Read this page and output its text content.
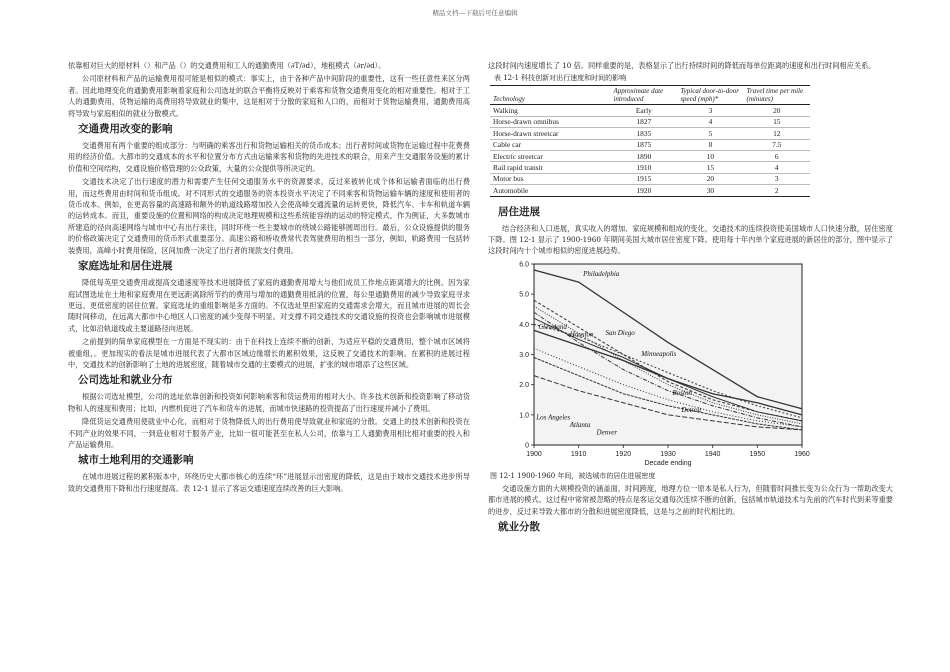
精品文档---下载后可任意编辑

依靠相对巨大的原材料（）和产品（）的交通费用和工人的通勤费用（∂T/∂d），地租模式（∂r/∂d）。

公司原材料和产品的运输费用很可能是相似的模式：事实上，由于各种产品中间阶段的重要性，这有一些任意性来区分两者。因此地理变化的通勤费用影响着家庭和公司选址的联合平衡将反映对于乘客和货物交通费用变化的相对重要性。相对于工人的通勤费用，货物运输的高费用将导致就业的集中，这是相对于分散的家庭和人口的，而相对于货物运输费用，通勤费用高将导致与家庭相似的就业分散模式。

交通费用改变的影响

交通费用有两个重要的组成部分：与明确的乘客出行和货物运输相关的货币成本；出行者时间或货物在运输过程中花费费用的经济价值。大都市的交通成本的水平和位置分布方式由运输乘客和货物的先进技术的联合，用来产生交通服务设施的累计价值和空间结构，交通设施价格管理的公众政策，大量的公众提供等所决定的。

交通技术决定了出行速度的潜力和需要产生任何交通服务水平的资源要求，反过来被转化成个体和运输者面临的出行费用，而这些费用由时间和货币组成。对不同形式的交通服务的资本投资水平决定了不同乘客和货物运输车辆的速度和使用者的货币成本。例如，在更高容量的高速路和额外的轨道线路增加投入会使高峰交通流量的运转更快，降低汽车、卡车和轨道车辆的运转成本。而且，重要设施的位置和网络的构成决定地理规模和这些系统能容纳的运动的特定模式，作为例证，大多数城市所建造的径向高速网络与城市中心有出行来往，同时环绕一些主要城市的绕城公路能够圆周出行。最后，公众设施提供的服务的价格政策决定了交通费用的货币形式重要部分。高速公路和桥收费常代表驾驶费用的相当一部分，例如，轨路费用一包括转装费用，高峰小时费用保险，区间加费一决定了出行者的现款支付费用。

家庭选址和居住进展

降低每英里交通费用或提高交通速度等技术进展降低了家庭的通勤费用增大与他们成员工作地点距离增大的比例。因为家庭试图选址在土地和家庭费用在更远距离除所节约的费用与增加的通勤费用抵消的位置，每公里通勤费用的减少导致家庭寻求更远、更低密度的居住位置。家庭选址的重组影响是多方面的。不仅选址里担家庭的交通需求会增大，而且城市进展的周长会随时间移动，在远离大都市中心地区人口密度的减少变得不明显。对支撑不同交通技术的交通设施的投资也会影响城市进展模式，比如沿轨道线或主要道路径向进展。

之前提到的简单家庭模型在一方面是不现实的：由于在科技上连续不断的创新，为适应平稳的交通费用，整个城市区域将被重组，。更加现实的看法是城市进展代表了大都市区域边缘增长的累积效果，这反映了交通技术的影响。在累积的进展过程中，交通技术的创新影响了土地的进展密度，随着城市交通的主要模式的进展，扩张的城市增添了这些区域。

公司选址和就业分布

根据公司选址模型，公司的选址依靠创新和投资如何影响乘客和货运费用的相对大小。许多技术创新和投资影响了移动货物和人的速度和费用；比如，内燃机促进了汽车和货车的进展，而城市快速路的投资提高了出行速度并减小了费用。

降低货运交通费用使就业中心化，而相对于货物降低人的出行费用使导致就业和家庭的分散。交通上的技术创新和投资在不同产业的效果不同，一到造业相对于服务产业，比如一很可能甚至在私人公司，依靠与工人通勤费用相比相对重要的投入和产品运输费用。

城市土地利用的交通影响

在城市进展过程的累积版本中，环绕历史大都市核心的连续“环”进展显示出密度的降低，这是由于城市交通技术进步所导致的交通费用下降和出行速度提高。表 12-1 显示了客运交通速度连续改善的巨大影响。

这段时间内速度增长了 10 倍。同样重要的是，表格显示了出行持续时间的降低而每单位距离的速度和出行时间相应关系。

表 12-1 科技创新对出行速度和时间的影响
Technology	Approximate date introduced	Typical door-to-door speed (mph)*	Travel time per mile (minutes)
Walking	Early	3	20
Horse-drawn omnibus	1827	4	15
Horse-drawn streetcar	1835	5	12
Cable car	1875	8	7.5
Electric streetcar	1890	10	6
Rail rapid transit	1910	15	4
Motor bus	1915	20	3
Automobile	1920	30	2
居住进展

结合经济和人口进展，真实收入的增加、家庭规模和组成的变化，交通技术的连续投资使美国城市人口快速分散，居住密度下降。图 12-1 显示了 1900-1960 年期间美国大城市居住密度下降。使用每十年内单个家庭进展的新居住的部分，图中显示了这段时间内十个城市相似的密度进展趋势。

0
1.0
2.0
3.0
4.0
5.0
6.0
1900	1910	1920	1930	1940	1950	1960
Decade ending
Philadelphia
Cleveland
Houston San Diego
Minneapolis
Boston
Detroit
Los Angeles
Atlanta
Denver
图 12-1 1900-1960 年间，被选城市的居住进展密度

交通设施方面的大规模投资的涵盖面，时间跨度，地理方位一原本是私人行为，但随着时间推长变为公众行为一帮助改变大都市进展的模式。这过程中常常被忽略的特点是客运交通每次连续不断的创新，包括城市轨道技术与先前的汽车时代到来等重要的进步，反过来导致大都市的分散和进展密度降低，这是与之前的时代相比的。

就业分散
